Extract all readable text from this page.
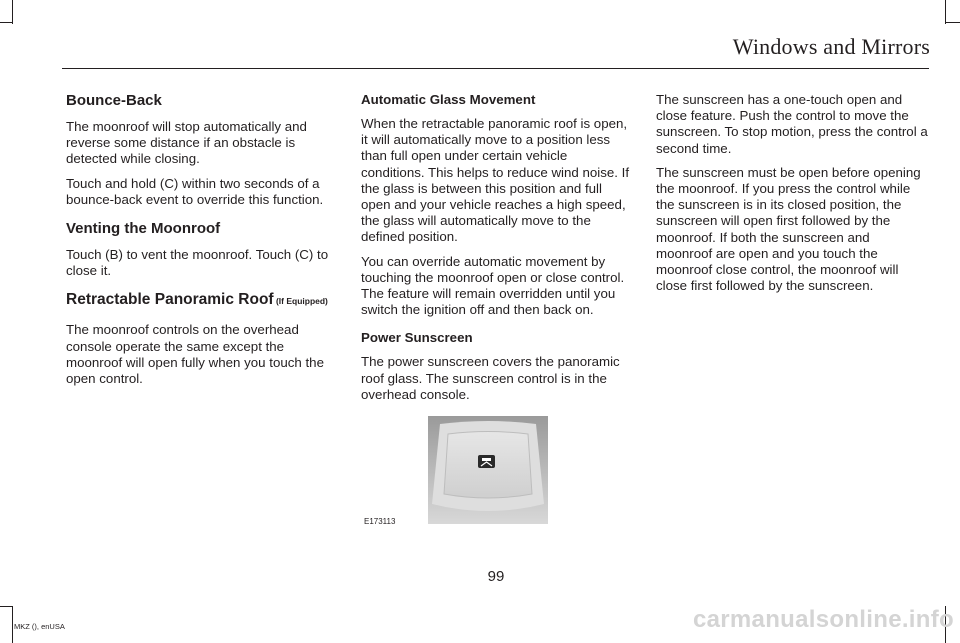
Windows and Mirrors
Bounce-Back

The moonroof will stop automatically and reverse some distance if an obstacle is detected while closing.

Touch and hold (C) within two seconds of a bounce-back event to override this function.

Venting the Moonroof

Touch (B) to vent the moonroof. Touch (C) to close it.

Retractable Panoramic Roof (If Equipped)

The moonroof controls on the overhead console operate the same except the moonroof will open fully when you touch the open control.

Automatic Glass Movement

When the retractable panoramic roof is open, it will automatically move to a position less than full open under certain vehicle conditions. This helps to reduce wind noise. If the glass is between this position and full open and your vehicle reaches a high speed, the glass will automatically move to the defined position.

You can override automatic movement by touching the moonroof open or close control. The feature will remain overridden until you switch the ignition off and then back on.

Power Sunscreen

The power sunscreen covers the panoramic roof glass. The sunscreen control is in the overhead console.

The sunscreen has a one-touch open and close feature. Push the control to move the sunscreen. To stop motion, press the control a second time.

The sunscreen must be open before opening the moonroof. If you press the control while the sunscreen is in its closed position, the sunscreen will open first followed by the moonroof. If both the sunscreen and moonroof are open and you touch the moonroof close control, the moonroof will close first followed by the sunscreen.

E173113
99
MKZ (), enUSA	carmanualsonline.info
